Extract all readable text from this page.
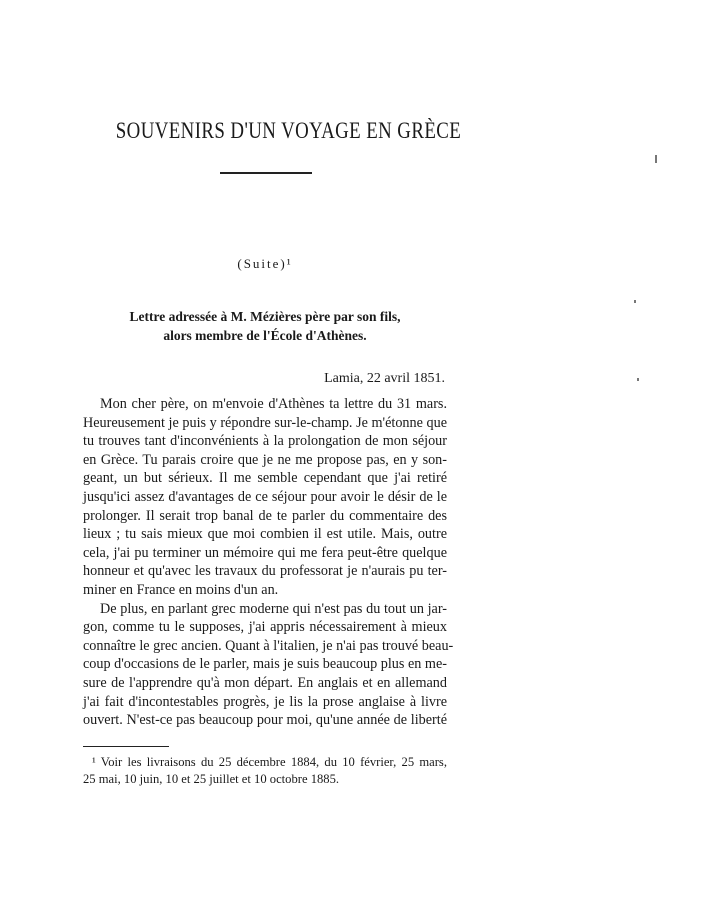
SOUVENIRS D'UN VOYAGE EN GRÈCE
(Suite)¹
Lettre adressée à M. Mézières père par son fils,
alors membre de l'École d'Athènes.
Lamia, 22 avril 1851.
Mon cher père, on m'envoie d'Athènes ta lettre du 31 mars.
Heureusement je puis y répondre sur-le-champ. Je m'étonne que
tu trouves tant d'inconvénients à la prolongation de mon séjour
en Grèce. Tu parais croire que je ne me propose pas, en y son-
geant, un but sérieux. Il me semble cependant que j'ai retiré
jusqu'ici assez d'avantages de ce séjour pour avoir le désir de le
prolonger. Il serait trop banal de te parler du commentaire des
lieux ; tu sais mieux que moi combien il est utile. Mais, outre
cela, j'ai pu terminer un mémoire qui me fera peut-être quelque
honneur et qu'avec les travaux du professorat je n'aurais pu ter-
miner en France en moins d'un an.
De plus, en parlant grec moderne qui n'est pas du tout un jar-
gon, comme tu le supposes, j'ai appris nécessairement à mieux
connaître le grec ancien. Quant à l'italien, je n'ai pas trouvé beau-
coup d'occasions de le parler, mais je suis beaucoup plus en me-
sure de l'apprendre qu'à mon départ. En anglais et en allemand
j'ai fait d'incontestables progrès, je lis la prose anglaise à livre
ouvert. N'est-ce pas beaucoup pour moi, qu'une année de liberté
¹ Voir les livraisons du 25 décembre 1884, du 10 février, 25 mars,
25 mai, 10 juin, 10 et 25 juillet et 10 octobre 1885.
